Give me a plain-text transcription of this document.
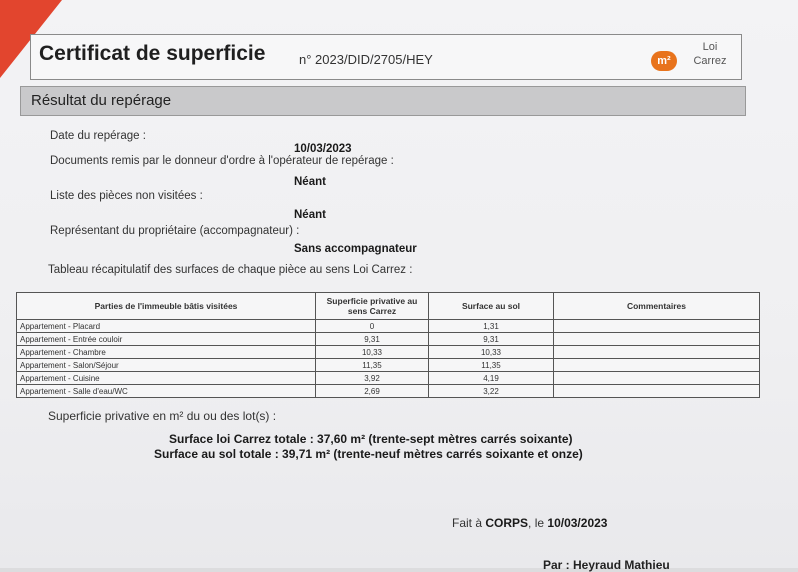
Certificat de superficie	n° 2023/DID/2705/HEY	m²
Loi
Carrez
Résultat du repérage
Date du repérage :
10/03/2023
Documents remis par le donneur d'ordre à l'opérateur de repérage :
Néant
Liste des pièces non visitées :
Néant
Représentant du propriétaire (accompagnateur) :
Sans accompagnateur
Tableau récapitulatif des surfaces de chaque pièce au sens Loi Carrez :
Parties de l'immeuble bâtis visitées	Superficie privative au sens Carrez	Surface au sol	Commentaires
Appartement - Placard	0	1,31	
Appartement - Entrée couloir	9,31	9,31	
Appartement - Chambre	10,33	10,33	
Appartement - Salon/Séjour	11,35	11,35	
Appartement - Cuisine	3,92	4,19	
Appartement - Salle d'eau/WC	2,69	3,22	
Superficie privative en m² du ou des lot(s) :
Surface loi Carrez totale : 37,60 m² (trente-sept mètres carrés soixante)
Surface au sol totale : 39,71 m² (trente-neuf mètres carrés soixante et onze)
Fait à CORPS, le 10/03/2023
Par : Heyraud Mathieu
